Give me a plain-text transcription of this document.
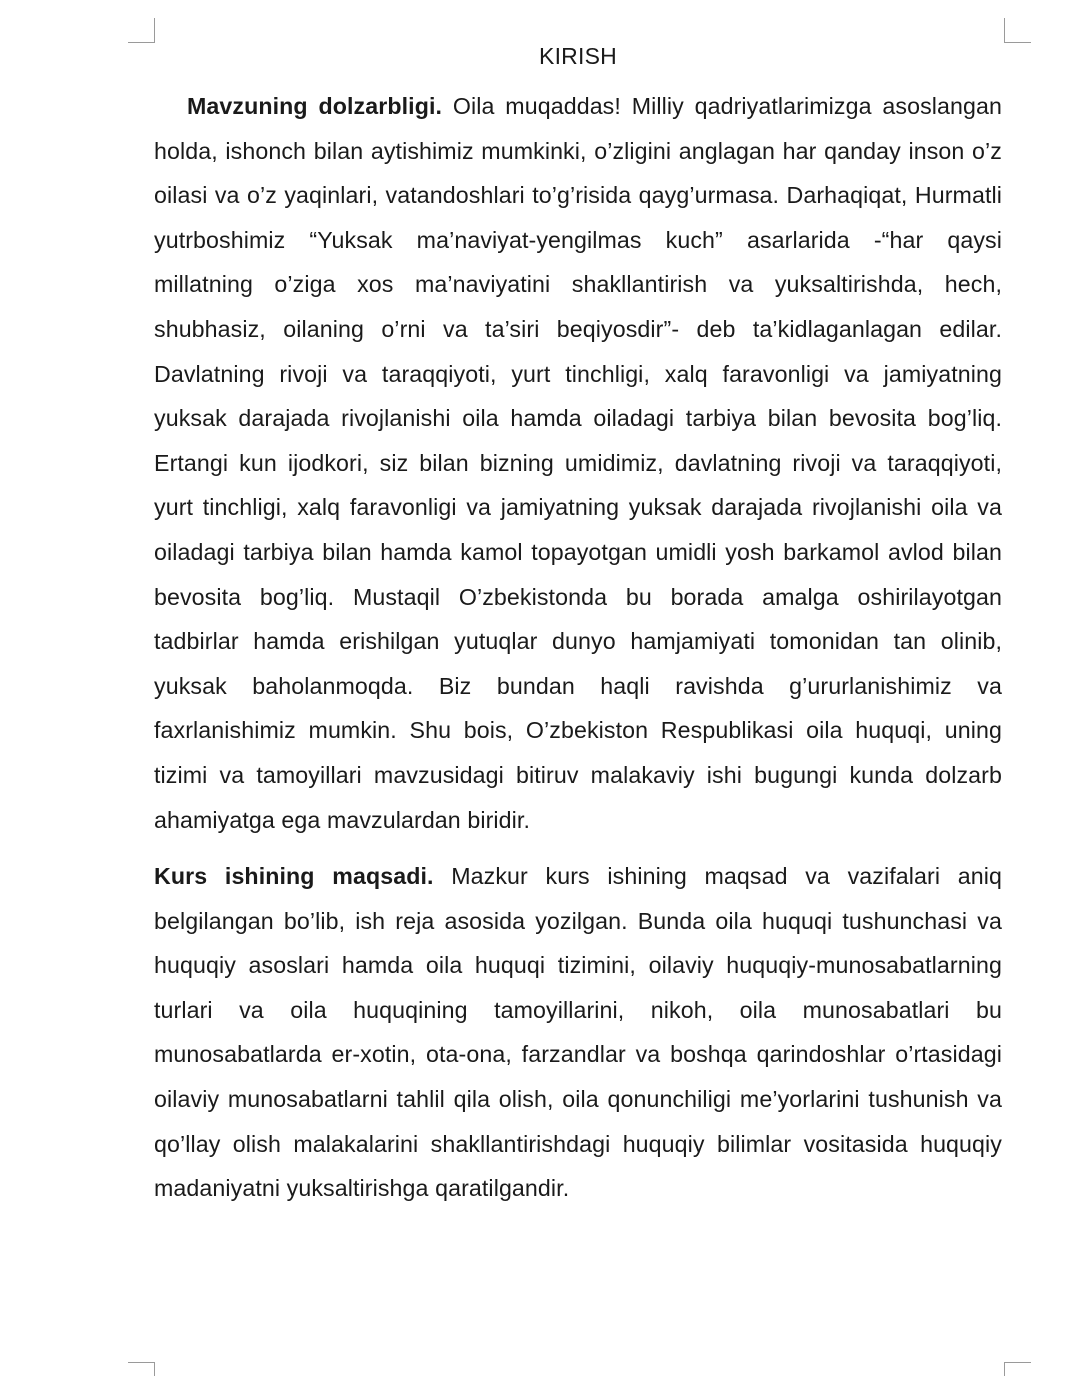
KIRISH

Mavzuning dolzarbligi. Oila muqaddas! Milliy qadriyatlarimizga asoslangan holda, ishonch bilan aytishimiz mumkinki, o’zligini anglagan har qanday inson o’z oilasi va o’z yaqinlari, vatandoshlari to’g’risida qayg’urmasa. Darhaqiqat, Hurmatli yutrboshimiz “Yuksak ma’naviyat-yengilmas kuch” asarlarida -“har qaysi millatning o’ziga xos ma’naviyatini shakllantirish va yuksaltirishda, hech, shubhasiz, oilaning o’rni va ta’siri beqiyosdir”- deb ta’kidlaganlagan edilar. Davlatning rivoji va taraqqiyoti, yurt tinchligi, xalq faravonligi va jamiyatning yuksak darajada rivojlanishi oila hamda oiladagi tarbiya bilan bevosita bog’liq. Ertangi kun ijodkori, siz bilan bizning umidimiz, davlatning rivoji va taraqqiyoti, yurt tinchligi, xalq faravonligi va jamiyatning yuksak darajada rivojlanishi oila va oiladagi tarbiya bilan hamda kamol topayotgan umidli yosh barkamol avlod bilan bevosita bog’liq. Mustaqil O’zbekistonda bu borada amalga oshirilayotgan tadbirlar hamda erishilgan yutuqlar dunyo hamjamiyati tomonidan tan olinib, yuksak baholanmoqda. Biz bundan haqli ravishda g’ururlanishimiz va faxrlanishimiz mumkin. Shu bois, O’zbekiston Respublikasi oila huquqi, uning tizimi va tamoyillari mavzusidagi bitiruv malakaviy ishi bugungi kunda dolzarb ahamiyatga ega mavzulardan biridir.

Kurs ishining maqsadi. Mazkur kurs ishining maqsad va vazifalari aniq belgilangan bo’lib, ish reja asosida yozilgan. Bunda oila huquqi tushunchasi va huquqiy asoslari hamda oila huquqi tizimini, oilaviy huquqiy-munosabatlarning turlari va oila huquqining tamoyillarini, nikoh, oila munosabatlari bu munosabatlarda er-xotin, ota-ona, farzandlar va boshqa qarindoshlar o’rtasidagi oilaviy munosabatlarni tahlil qila olish, oila qonunchiligi me’yorlarini tushunish va qo’llay olish malakalarini shakllantirishdagi huquqiy bilimlar vositasida huquqiy madaniyatni yuksaltirishga qaratilgandir.
